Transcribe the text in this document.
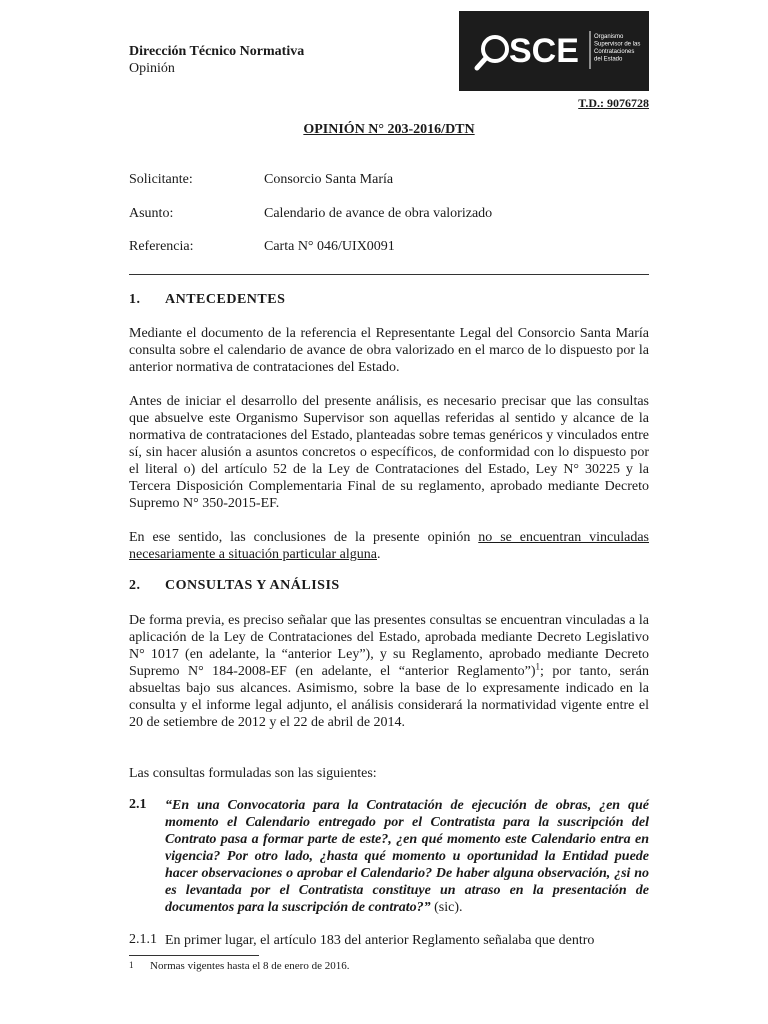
Dirección Técnico Normativa
Opinión	SCE	Organismo Supervisor de las Contrataciones del Estado
T.D.: 9076728
OPINIÓN N° 203-2016/DTN
Solicitante:	Consorcio Santa María
Asunto:	Calendario de avance de obra valorizado
Referencia:	Carta N° 046/UIX0091
1. ANTECEDENTES
Mediante el documento de la referencia el Representante Legal del Consorcio Santa María consulta sobre el calendario de avance de obra valorizado en el marco de lo dispuesto por la anterior normativa de contrataciones del Estado.
Antes de iniciar el desarrollo del presente análisis, es necesario precisar que las consultas que absuelve este Organismo Supervisor son aquellas referidas al sentido y alcance de la normativa de contrataciones del Estado, planteadas sobre temas genéricos y vinculados entre sí, sin hacer alusión a asuntos concretos o específicos, de conformidad con lo dispuesto por el literal o) del artículo 52 de la Ley de Contrataciones del Estado, Ley N° 30225 y la Tercera Disposición Complementaria Final de su reglamento, aprobado mediante Decreto Supremo N° 350-2015-EF.
En ese sentido, las conclusiones de la presente opinión no se encuentran vinculadas necesariamente a situación particular alguna.
2. CONSULTAS Y ANÁLISIS
De forma previa, es preciso señalar que las presentes consultas se encuentran vinculadas a la aplicación de la Ley de Contrataciones del Estado, aprobada mediante Decreto Legislativo N° 1017 (en adelante, la “anterior Ley”), y su Reglamento, aprobado mediante Decreto Supremo N° 184-2008-EF (en adelante, el “anterior Reglamento”)$^1$; por tanto, serán absueltas bajo sus alcances. Asimismo, sobre la base de lo expresamente indicado en la consulta y el informe legal adjunto, el análisis considerará la normatividad vigente entre el 20 de setiembre de 2012 y el 22 de abril de 2014.
Las consultas formuladas son las siguientes:
2.1 “En una Convocatoria para la Contratación de ejecución de obras, ¿en qué momento el Calendario entregado por el Contratista para la suscripción del Contrato pasa a formar parte de este?, ¿en qué momento este Calendario entra en vigencia? Por otro lado, ¿hasta qué momento u oportunidad la Entidad puede hacer observaciones o aprobar el Calendario? De haber alguna observación, ¿si no es levantada por el Contratista constituye un atraso en la presentación de documentos para la suscripción de contrato?” (sic).
2.1.1 En primer lugar, el artículo 183 del anterior Reglamento señalaba que dentro
1 Normas vigentes hasta el 8 de enero de 2016.
